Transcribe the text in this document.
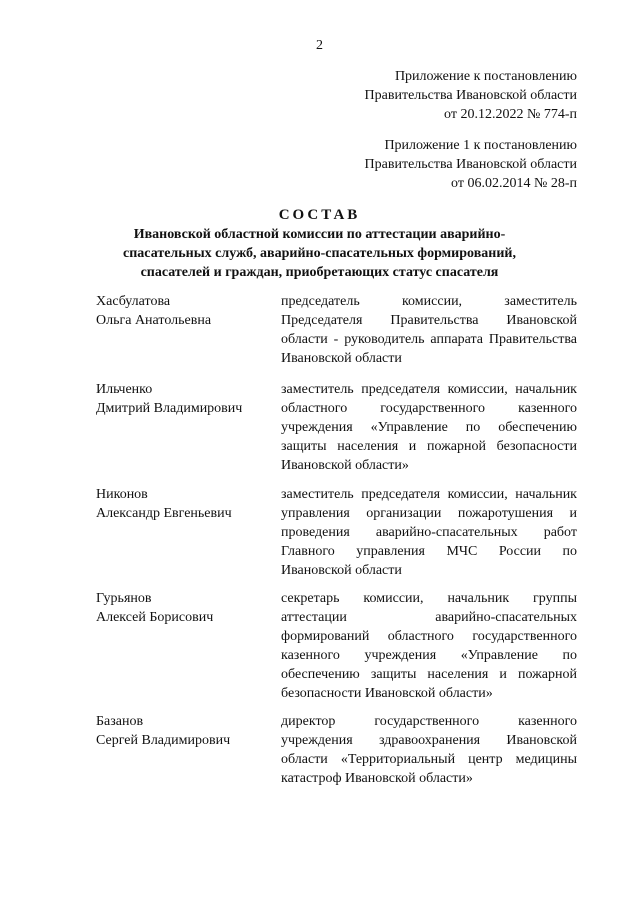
2
Приложение к постановлению
Правительства Ивановской области
от 20.12.2022 № 774-п
Приложение 1 к постановлению
Правительства Ивановской области
от 06.02.2014 № 28-п
СОСТАВ
Ивановской областной комиссии по аттестации аварийно-
спасательных служб, аварийно-спасательных формирований,
спасателей и граждан, приобретающих статус спасателя
Хасбулатова
Ольга Анатольевна
председатель комиссии, заместитель Председателя Правительства Ивановской области - руководитель аппарата Правительства Ивановской области
Ильченко
Дмитрий Владимирович
заместитель председателя комиссии, начальник областного государственного казенного учреждения «Управление по обеспечению защиты населения и пожарной безопасности Ивановской области»
Никонов
Александр Евгеньевич
заместитель председателя комиссии, начальник управления организации пожаротушения и проведения аварийно-спасательных работ Главного управления МЧС России по Ивановской области
Гурьянов
Алексей Борисович
секретарь комиссии, начальник группы аттестации аварийно-спасательных формирований областного государственного казенного учреждения «Управление по обеспечению защиты населения и пожарной безопасности Ивановской области»
Базанов
Сергей Владимирович
директор государственного казенного учреждения здравоохранения Ивановской области «Территориальный центр медицины катастроф Ивановской области»
